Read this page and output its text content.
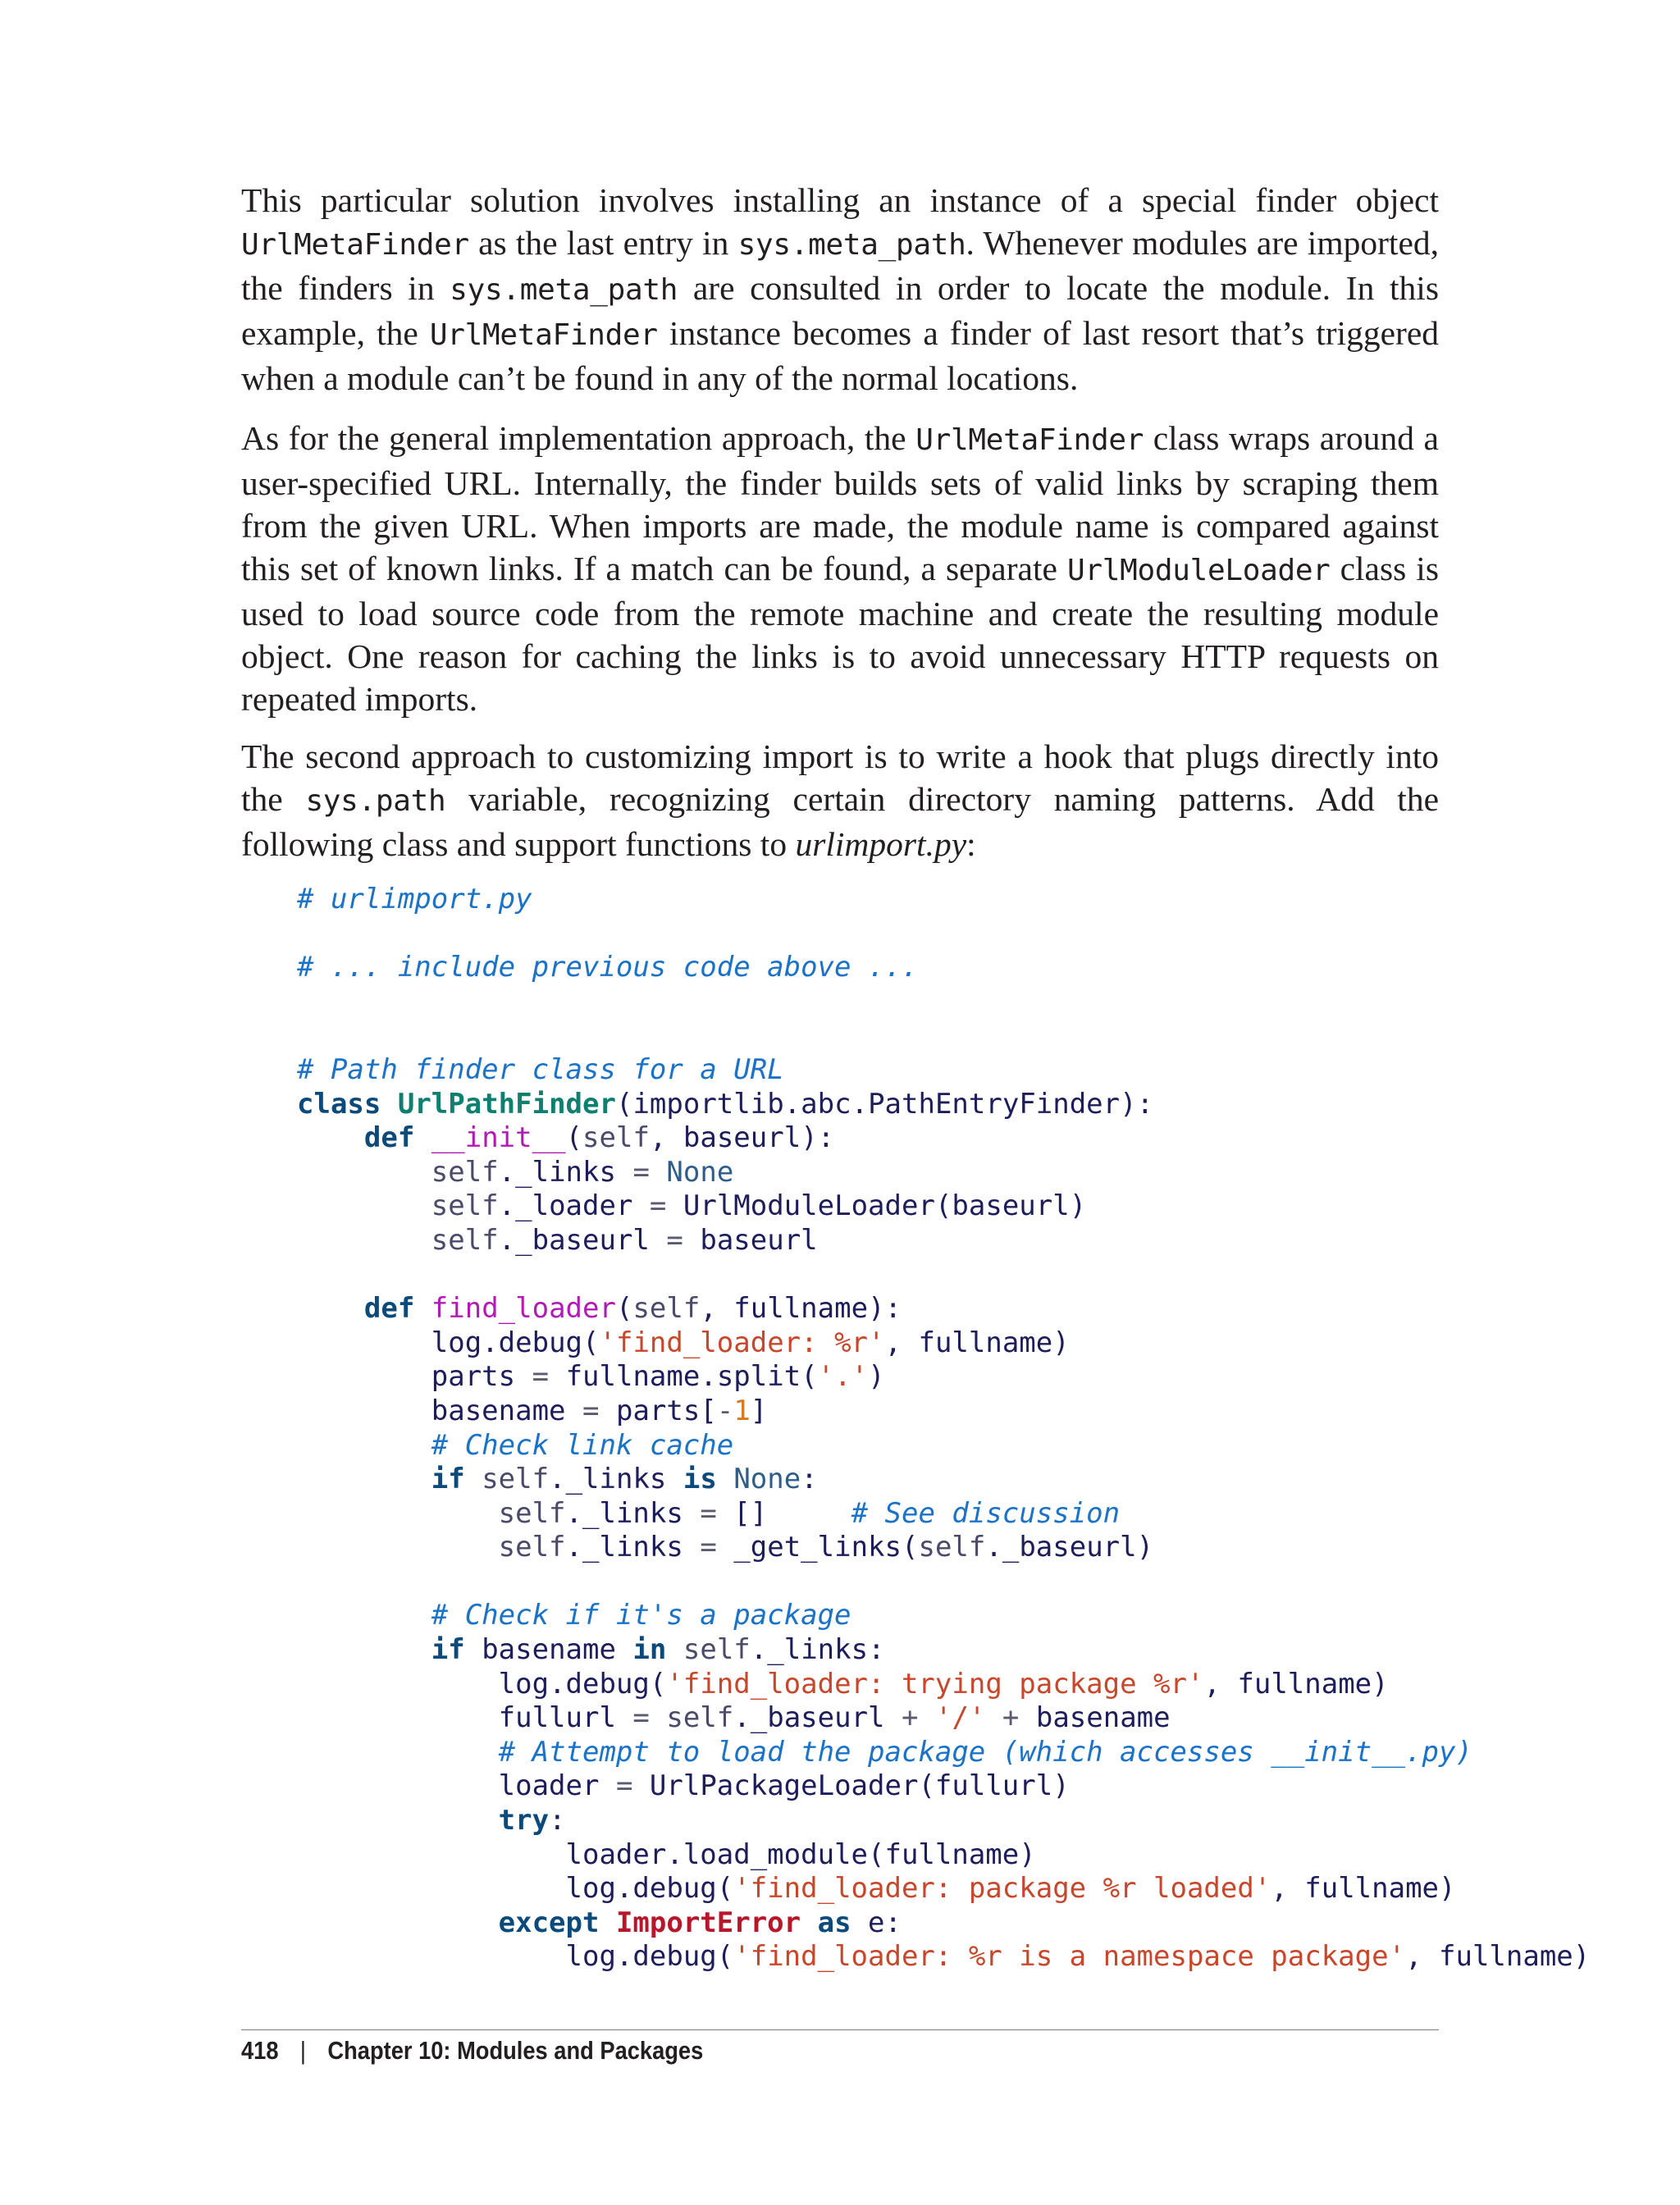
This particular solution involves installing an instance of a special finder object UrlMetaFinder as the last entry in sys.meta_path. Whenever modules are imported, the finders in sys.meta_path are consulted in order to locate the module. In this example, the UrlMetaFinder instance becomes a finder of last resort that’s triggered when a module can’t be found in any of the normal locations.

As for the general implementation approach, the UrlMetaFinder class wraps around a user-specified URL. Internally, the finder builds sets of valid links by scraping them from the given URL. When imports are made, the module name is compared against this set of known links. If a match can be found, a separate UrlModuleLoader class is used to load source code from the remote machine and create the resulting module object. One reason for caching the links is to avoid unnecessary HTTP requests on repeated imports.

The second approach to customizing import is to write a hook that plugs directly into the sys.path variable, recognizing certain directory naming patterns. Add the following class and support functions to urlimport.py:

# urlimport.py

# ... include previous code above ...

# Path finder class for a URL
class UrlPathFinder(importlib.abc.PathEntryFinder):
def __init__(self, baseurl):
self._links = None
self._loader = UrlModuleLoader(baseurl)
self._baseurl = baseurl

def find_loader(self, fullname):
log.debug('find_loader: %r', fullname)
parts = fullname.split('.')
basename = parts[-1]
# Check link cache
if self._links is None:
self._links = []     # See discussion
self._links = _get_links(self._baseurl)

# Check if it's a package
if basename in self._links:
log.debug('find_loader: trying package %r', fullname)
fullurl = self._baseurl + '/' + basename
# Attempt to load the package (which accesses __init__.py)
loader = UrlPackageLoader(fullurl)
try:
loader.load_module(fullname)
log.debug('find_loader: package %r loaded', fullname)
except ImportError as e:
log.debug('find_loader: %r is a namespace package', fullname)
418 | Chapter 10: Modules and Packages
